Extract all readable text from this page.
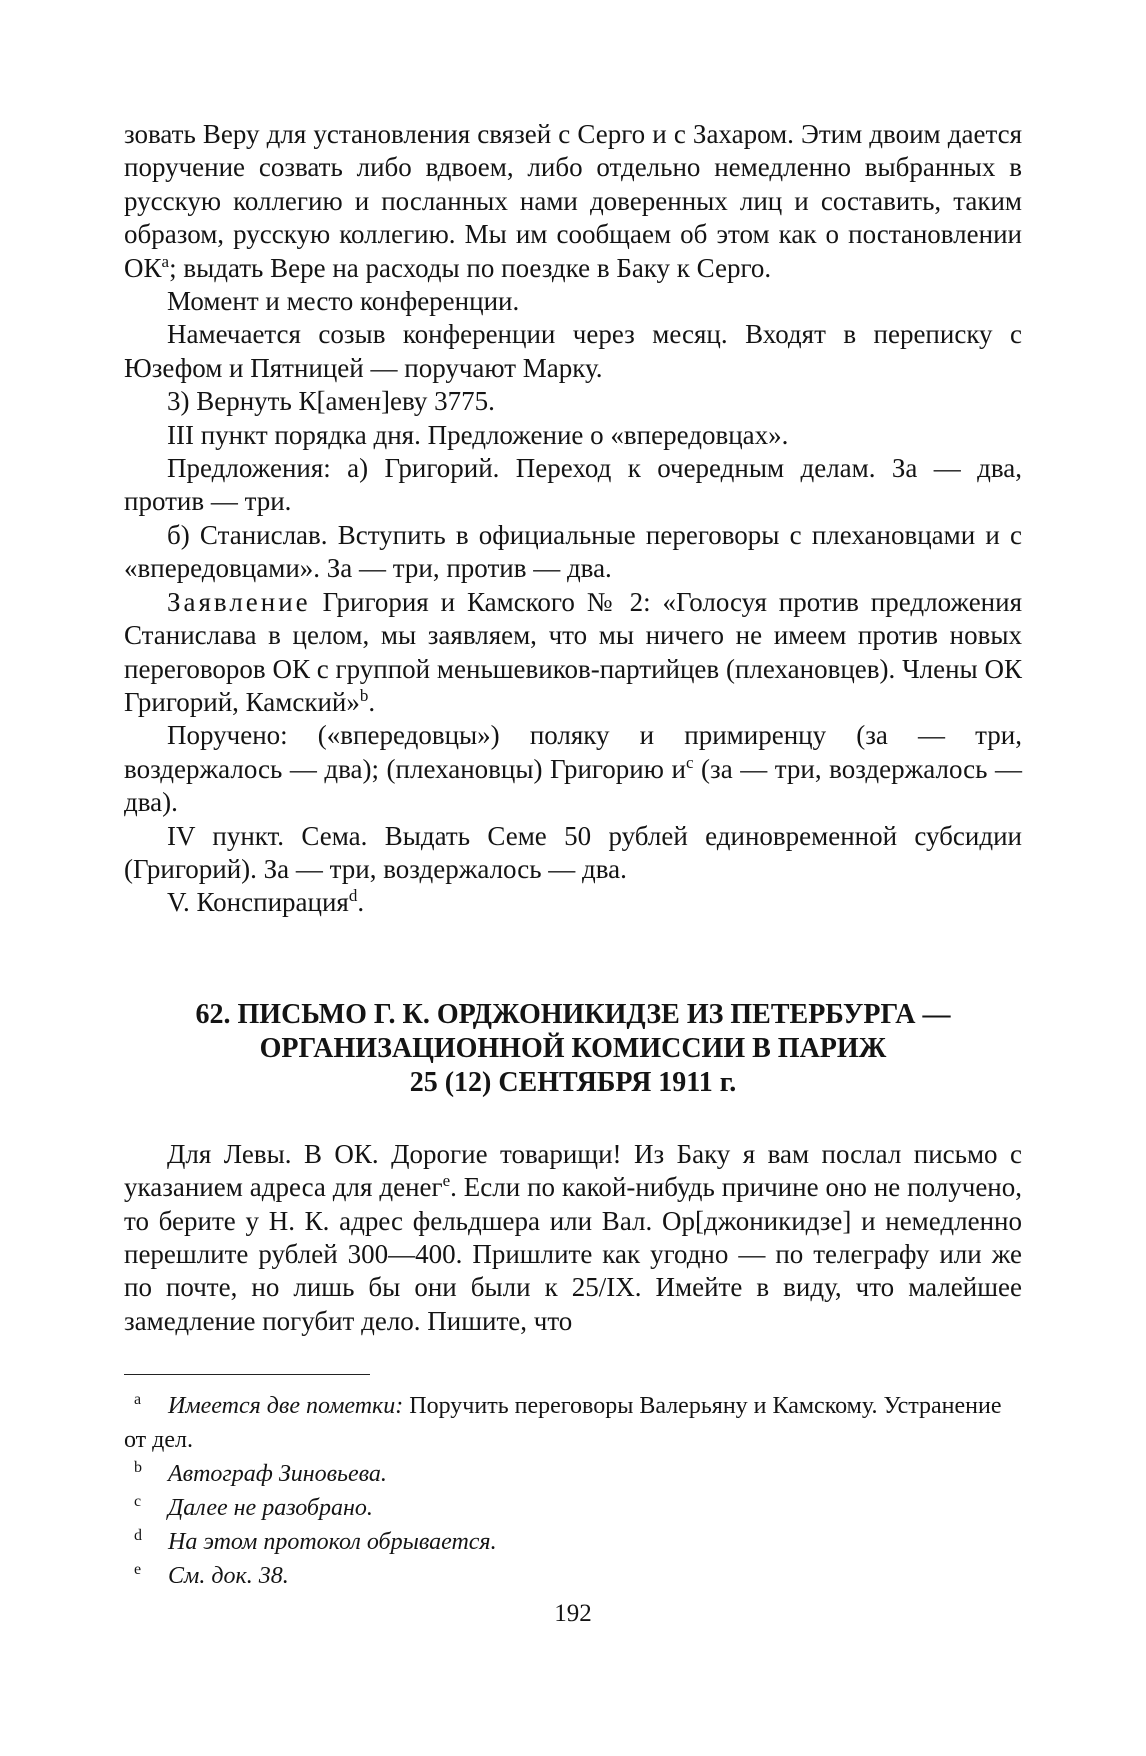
зовать Веру для установления связей с Серго и с Захаром. Этим двоим дается поручение созвать либо вдвоем, либо отдельно немедленно выбранных в русскую коллегию и посланных нами доверенных лиц и составить, таким образом, русскую коллегию. Мы им сообщаем об этом как о постановлении $ОК^a$; выдать Вере на расходы по поездке в Баку к Серго.

Момент и место конференции.

Намечается созыв конференции через месяц. Входят в переписку с Юзефом и Пятницей — поручают Марку.

3) Вернуть К[амен]еву 3775.

III пункт порядка дня. Предложение о «впередовцах».

Предложения: а) Григорий. Переход к очередным делам. За — два, против — три.

б) Станислав. Вступить в официальные переговоры с плехановцами и с «впередовцами». За — три, против — два.

Заявление Григория и Камского № 2: «Голосуя против предложения Станислава в целом, мы заявляем, что мы ничего не имеем против новых переговоров ОК с группой меньшевиков-партийцев (плехановцев). Члены ОК Григорий, Камский»$^b$.

Поручено: («впередовцы») поляку и примиренцу (за — три, воздержалось — два); (плехановцы) Григорию $и^c$ (за — три, воздержалось — два).

IV пункт. Сема. Выдать Семе 50 рублей единовременной субсидии (Григорий). За — три, воздержалось — два.

V. Конспирация$^d$.

62. ПИСЬМО Г. К. ОРДЖОНИКИДЗЕ ИЗ ПЕТЕРБУРГА —
ОРГАНИЗАЦИОННОЙ КОМИССИИ В ПАРИЖ
25 (12) СЕНТЯБРЯ 1911 г.

Для Левы. В ОК. Дорогие товарищи! Из Баку я вам послал письмо с указанием адреса для денег$^e$. Если по какой-нибудь причине оно не получено, то берите у Н. К. адрес фельдшера или Вал. Ор[джоникидзе] и немедленно перешлите рублей 300—400. Пришлите как угодно — по телеграфу или же по почте, но лишь бы они были к 25/IX. Имейте в виду, что малейшее замедление погубит дело. Пишите, что

a Имеется две пометки: Поручить переговоры Валерьяну и Камскому. Устранение от дел.

b Автограф Зиновьева.

c Далее не разобрано.

d На этом протокол обрывается.

e См. док. 38.

192
